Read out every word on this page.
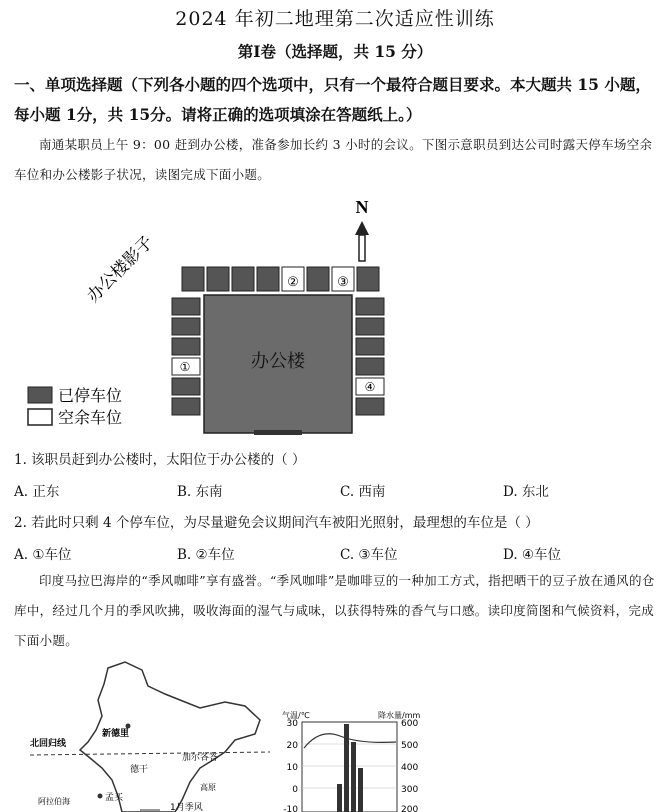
2024 年初二地理第二次适应性训练
第Ⅰ卷（选择题，共 15 分）
一、单项选择题（下列各小题的四个选项中，只有一个最符合题目要求。本大题共 15 小题，每小题 1分，共 15分。请将正确的选项填涂在答题纸上。）
南通某职员上午 9：00 赶到办公楼，准备参加长约 3 小时的会议。下图示意职员到达公司时露天停车场空余车位和办公楼影子状况，读图完成下面小题。
N
办公楼影子	②	③
①
④
办公楼
已停车位
空余车位
1. 该职员赶到办公楼时，太阳位于办公楼的（ ）
A. 正东	B. 东南	C. 西南	D. 东北
2. 若此时只剩 4 个停车位，为尽量避免会议期间汽车被阳光照射，最理想的车位是（ ）
A. ①车位	B. ②车位	C. ③车位	D. ④车位
印度马拉巴海岸的“季风咖啡”享有盛誉。“季风咖啡”是咖啡豆的一种加工方式，指把晒干的豆子放在通风的仓库中，经过几个月的季风吹拂，吸收海面的湿气与咸味，以获得特殊的香气与口感。读印度简图和气候资料，完成下面小题。
北回归线
新德里
孟买
加尔各答
德干
阿拉伯海
1月季风
高原
气温/℃	降水量/mm
30
20
10
0
-10
600
500
400
300
200
